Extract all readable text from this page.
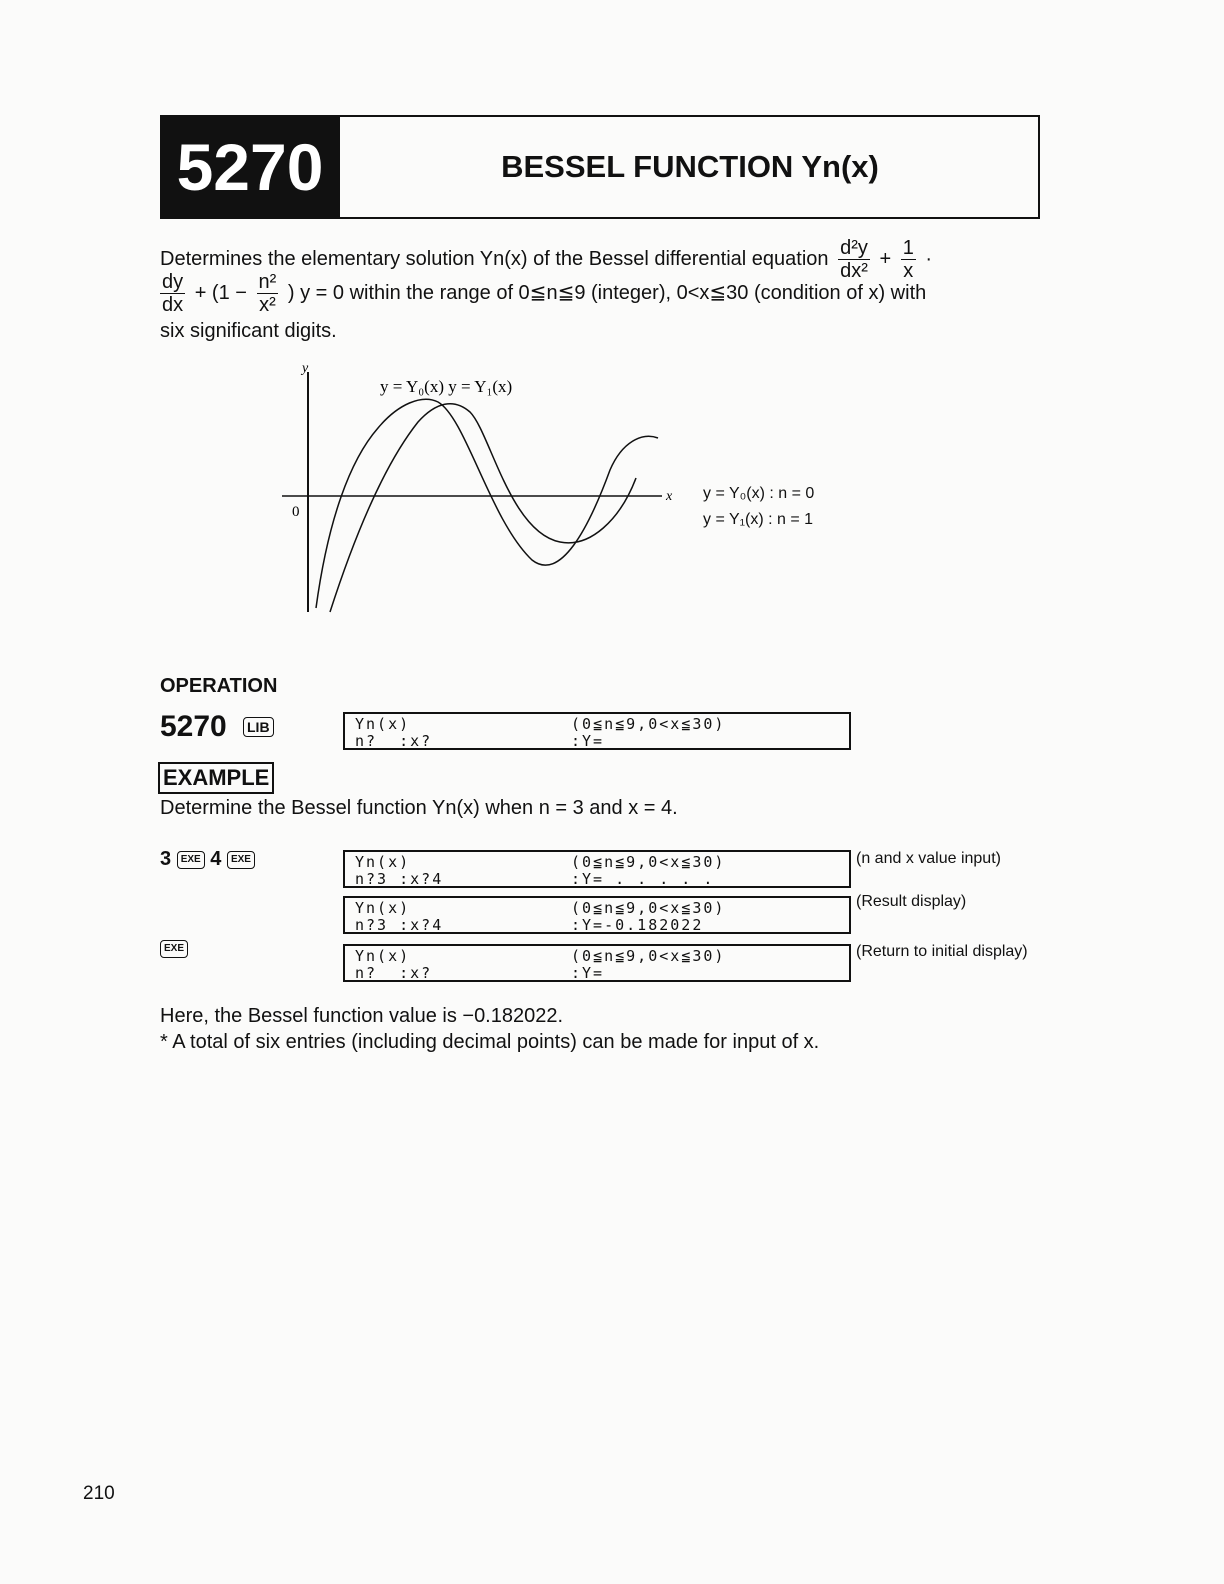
5270	BESSEL FUNCTION Yn(x)
Determines the elementary solution Yn(x) of the Bessel differential equation $\frac{\text{d²y}}{\text{dx²}} + \frac{1}{x}$ ·
$\frac{dy}{dx} + (1 - \frac{\text{n²}}{\text{x²}}$ ) y = 0 within the range of 0≦n≦9 (integer), 0<x≦30 (condition of x) with
six significant digits.
y
x
0
y = Y₀(x) y = Y₁(x)
y = Y₀(x) : n = 0
y = Y₁(x) : n = 1
OPERATION
5270 LIB	Yn(x)	(0≦n≦9,0<x≦30)
n?_ :x?	:Y=
EXAMPLE
Determine the Bessel function Yn(x) when n = 3 and x = 4.
3 EXE 4 EXE	Yn(x)	(0≦n≦9,0<x≦30)
n?3 :x?4	:Y= . . . . .
(n and x value input)
Yn(x)	(0≦n≦9,0<x≦30)
n?3 :x?4	:Y=-0.182022
(Result display)
EXE	Yn(x)	(0≦n≦9,0<x≦30)
n?_ :x?	:Y=
(Return to initial display)
Here, the Bessel function value is −0.182022.
* A total of six entries (including decimal points) can be made for input of x.
210
